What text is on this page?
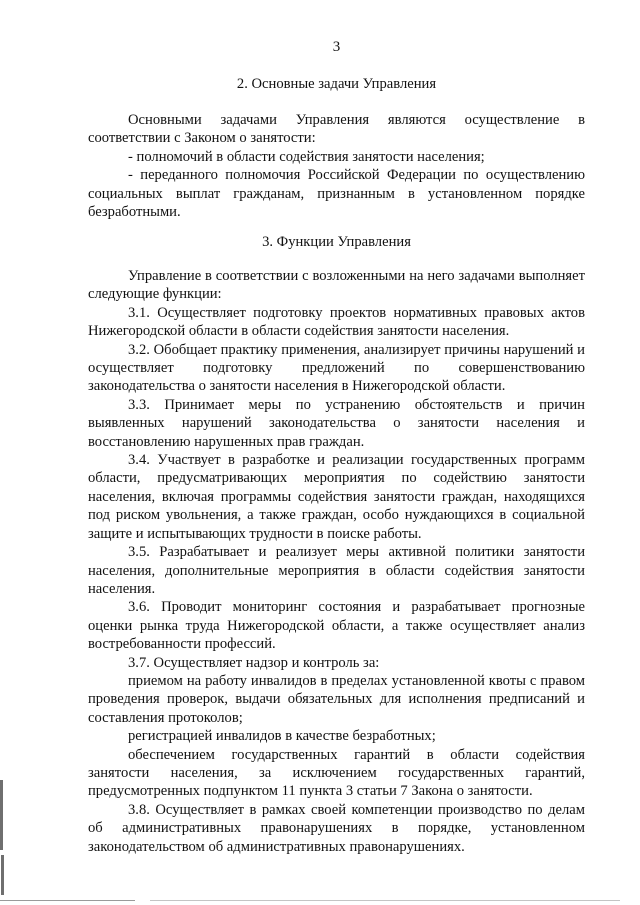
3
2. Основные задачи Управления

Основными задачами Управления являются осуществление в соответствии с Законом о занятости:

- полномочий в области содействия занятости населения;

- переданного полномочия Российской Федерации по осуществлению социальных выплат гражданам, признанным в установленном порядке безработными.

3. Функции Управления

Управление в соответствии с возложенными на него задачами выполняет следующие функции:

3.1. Осуществляет подготовку проектов нормативных правовых актов Нижегородской области в области содействия занятости населения.

3.2. Обобщает практику применения, анализирует причины нарушений и осуществляет подготовку предложений по совершенствованию законодательства о занятости населения в Нижегородской области.

3.3. Принимает меры по устранению обстоятельств и причин выявленных нарушений законодательства о занятости населения и восстановлению нарушенных прав граждан.

3.4. Участвует в разработке и реализации государственных программ области, предусматривающих мероприятия по содействию занятости населения, включая программы содействия занятости граждан, находящихся под риском увольнения, а также граждан, особо нуждающихся в социальной защите и испытывающих трудности в поиске работы.

3.5. Разрабатывает и реализует меры активной политики занятости населения, дополнительные мероприятия в области содействия занятости населения.

3.6. Проводит мониторинг состояния и разрабатывает прогнозные оценки рынка труда Нижегородской области, а также осуществляет анализ востребованности профессий.

3.7. Осуществляет надзор и контроль за:

приемом на работу инвалидов в пределах установленной квоты с правом проведения проверок, выдачи обязательных для исполнения предписаний и составления протоколов;

регистрацией инвалидов в качестве безработных;

обеспечением государственных гарантий в области содействия занятости населения, за исключением государственных гарантий, предусмотренных подпунктом 11 пункта 3 статьи 7 Закона о занятости.

3.8. Осуществляет в рамках своей компетенции производство по делам об административных правонарушениях в порядке, установленном законодательством об административных правонарушениях.
